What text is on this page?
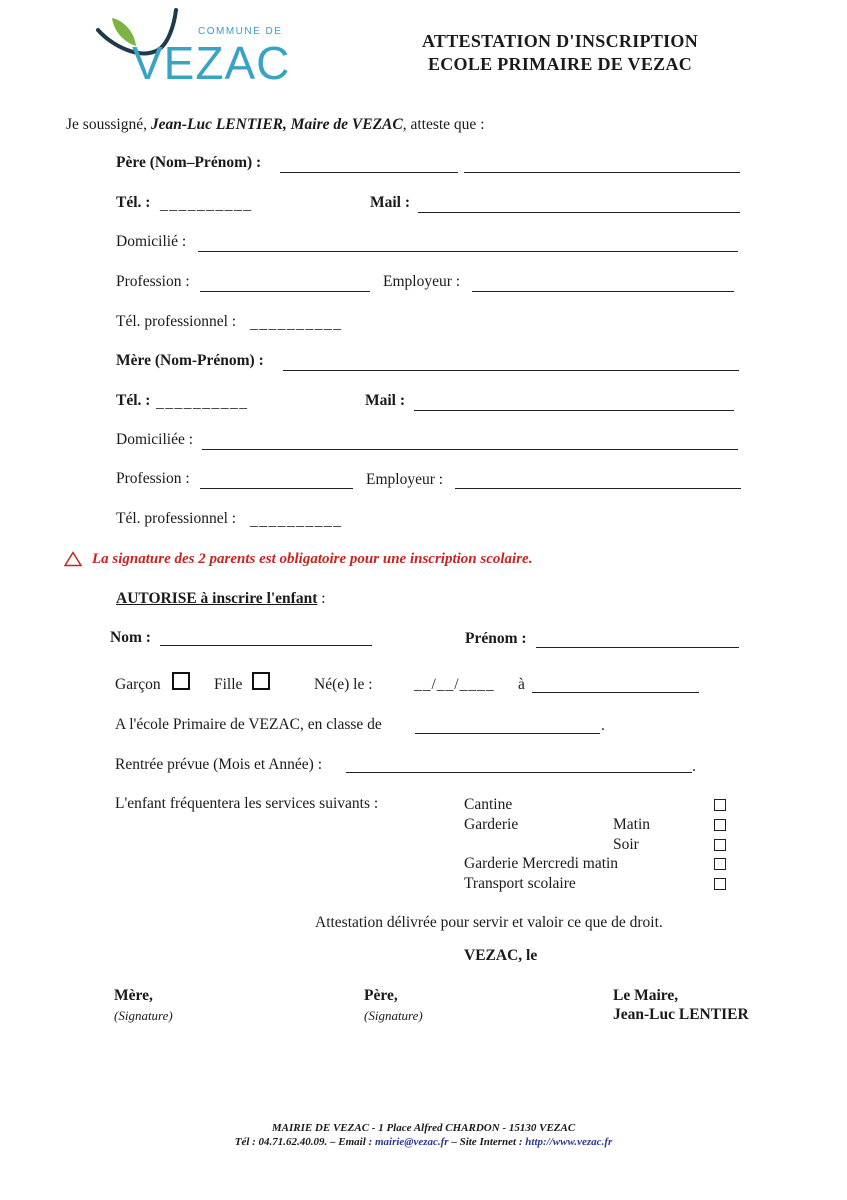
COMMUNE DE
VEZAC	ATTESTATION D'INSCRIPTION
ECOLE PRIMAIRE DE VEZAC
Je soussigné, Jean-Luc LENTIER, Maire de VEZAC, atteste que :
Père (Nom–Prénom) :
Tél. : __________	Mail :
Domicilié :
Profession :	Employeur :
Tél. professionnel : __________
Mère (Nom-Prénom) :
Tél. : __________	Mail :
Domiciliée :
Profession :	Employeur :
Tél. professionnel : __________
La signature des 2 parents est obligatoire pour une inscription scolaire.
AUTORISE à inscrire l'enfant :
Nom :	Prénom :
Garçon	Fille	Né(e) le :	__/__/____ à
A l'école Primaire de VEZAC, en classe de	.
Rentrée prévue (Mois et Année) :	.
L'enfant fréquentera les services suivants :	Cantine
Garderie	Matin
Soir
Garderie Mercredi matin
Transport scolaire
Attestation délivrée pour servir et valoir ce que de droit.
VEZAC, le
Mère,
(Signature)
Père,
(Signature)
Le Maire,
Jean-Luc LENTIER
MAIRIE DE VEZAC - 1 Place Alfred CHARDON - 15130 VEZAC
Tél : 04.71.62.40.09. – Email : mairie@vezac.fr – Site Internet : http://www.vezac.fr
